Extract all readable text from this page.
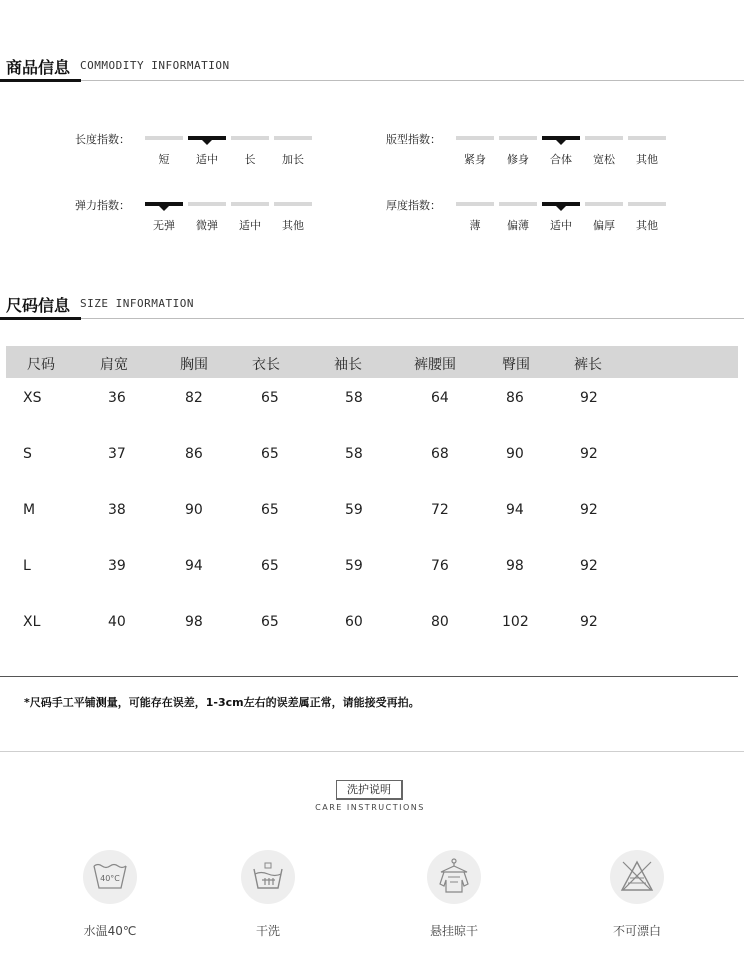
商品信息 COMMODITY INFORMATION
长度指数：
短	适中	长	加长
版型指数：
紧身	修身	合体	宽松	其他
弹力指数：
无弹	微弹	适中	其他
厚度指数：
薄	偏薄	适中	偏厚	其他
尺码信息 SIZE INFORMATION
尺码	肩宽	胸围	衣长	袖长	裤腰围	臀围	裤长
XS	36	82	65	58	64	86	92
S	37	86	65	58	68	90	92
M	38	90	65	59	72	94	92
L	39	94	65	59	76	98	92
XL	40	98	65	60	80	102	92
*尺码手工平铺测量，可能存在误差，1-3cm左右的误差属正常，请能接受再拍。
洗护说明
CARE INSTRUCTIONS
40°C
水温40℃	干洗	悬挂晾干	不可漂白
